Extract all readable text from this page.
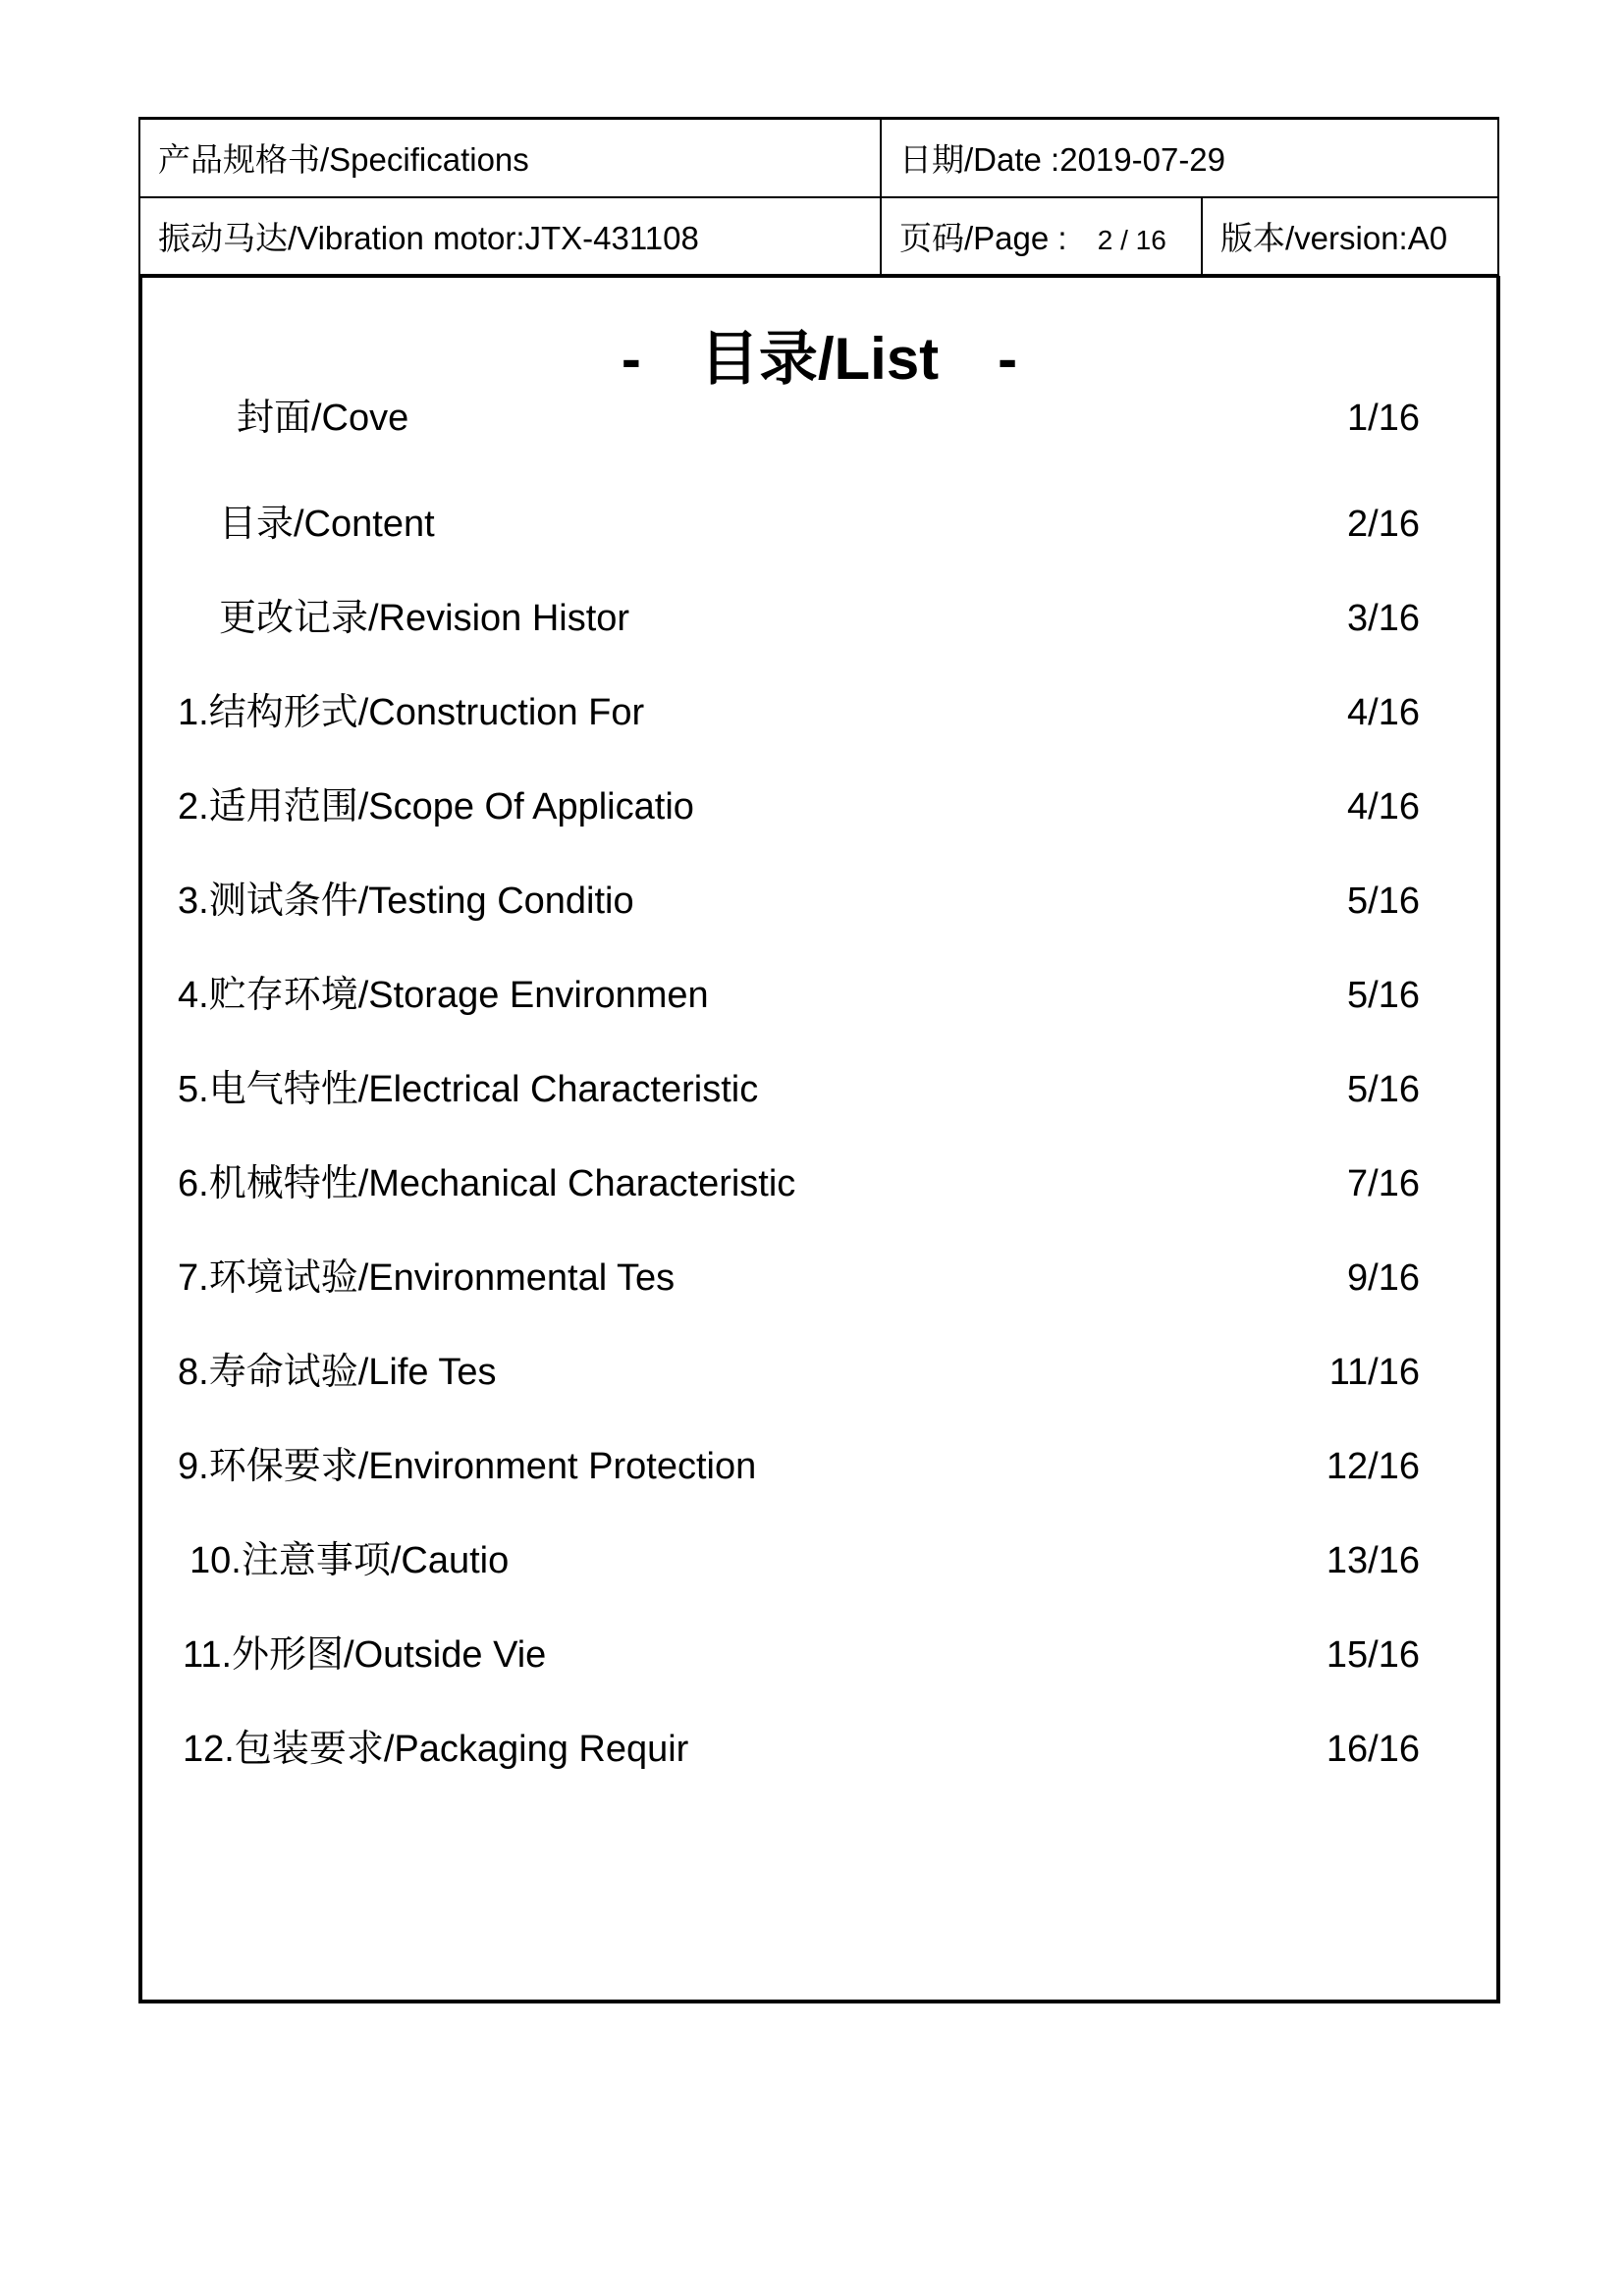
产品规格书/Specifications	日期/Date :2019-07-29	
振动马达/Vibration motor:JTX-431108	页码/Page : 2 / 16	版本/version:A0
- 目录/List -
封面/Cove	1/16
目录/Content	2/16
更改记录/Revision Histor	3/16
1.结构形式/Construction For	4/16
2.适用范围/Scope Of Applicatio	4/16
3.测试条件/Testing Conditio	5/16
4.贮存环境/Storage Environmen	5/16
5.电气特性/Electrical Characteristic	5/16
6.机械特性/Mechanical Characteristic	7/16
7.环境试验/Environmental Tes	9/16
8.寿命试验/Life Tes	11/16
9.环保要求/Environment Protection	12/16
10.注意事项/Cautio	13/16
11.外形图/Outside Vie	15/16
12.包装要求/Packaging Requir	16/16
